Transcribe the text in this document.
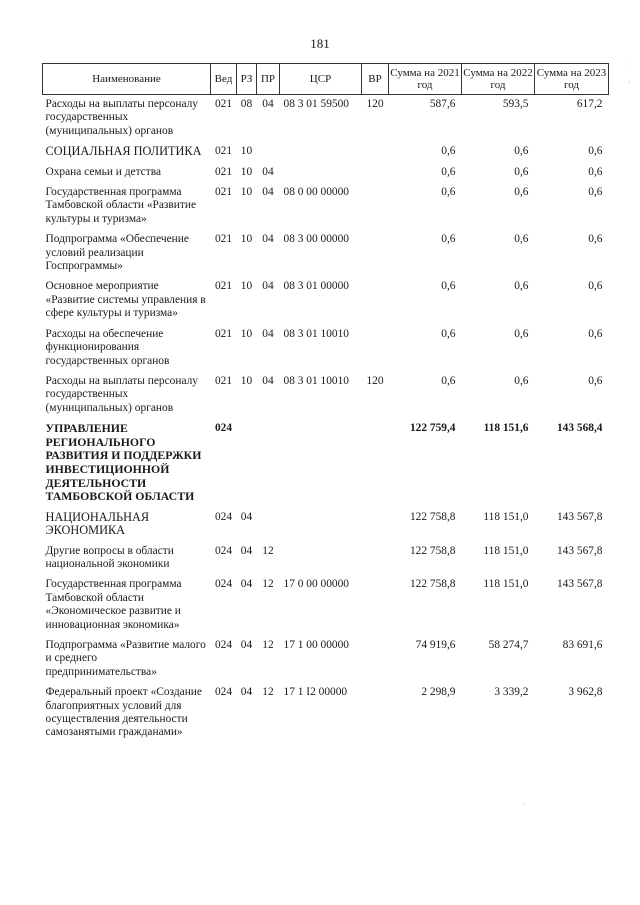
181
Наименование	Вед	РЗ	ПР	ЦСР	ВР	Сумма на 2021 год	Сумма на 2022 год	Сумма на 2023 год
Расходы на выплаты персоналу государственных (муниципальных) органов	021	08	04	08 3 01 59500	120	587,6	593,5	617,2
СОЦИАЛЬНАЯ ПОЛИТИКА	021	10				0,6	0,6	0,6
Охрана семьи и детства	021	10	04			0,6	0,6	0,6
Государственная программа Тамбовской области «Развитие культуры и туризма»	021	10	04	08 0 00 00000		0,6	0,6	0,6
Подпрограмма «Обеспечение условий реализации Госпрограммы»	021	10	04	08 3 00 00000		0,6	0,6	0,6
Основное мероприятие «Развитие системы управления в сфере культуры и туризма»	021	10	04	08 3 01 00000		0,6	0,6	0,6
Расходы на обеспечение функционирования государственных органов	021	10	04	08 3 01 10010		0,6	0,6	0,6
Расходы на выплаты персоналу государственных (муниципальных) органов	021	10	04	08 3 01 10010	120	0,6	0,6	0,6
УПРАВЛЕНИЕ РЕГИОНАЛЬНОГО РАЗВИТИЯ И ПОДДЕРЖКИ ИНВЕСТИЦИОННОЙ ДЕЯТЕЛЬНОСТИ ТАМБОВСКОЙ ОБЛАСТИ	024					122 759,4	118 151,6	143 568,4
НАЦИОНАЛЬНАЯ ЭКОНОМИКА	024	04				122 758,8	118 151,0	143 567,8
Другие вопросы в области национальной экономики	024	04	12			122 758,8	118 151,0	143 567,8
Государственная программа Тамбовской области «Экономическое развитие и инновационная экономика»	024	04	12	17 0 00 00000		122 758,8	118 151,0	143 567,8
Подпрограмма «Развитие малого и среднего предпринимательства»	024	04	12	17 1 00 00000		74 919,6	58 274,7	83 691,6
Федеральный проект «Создание благоприятных условий для осуществления деятельности самозанятыми гражданами»	024	04	12	17 1 I2 00000		2 298,9	3 339,2	3 962,8
·
·
·
